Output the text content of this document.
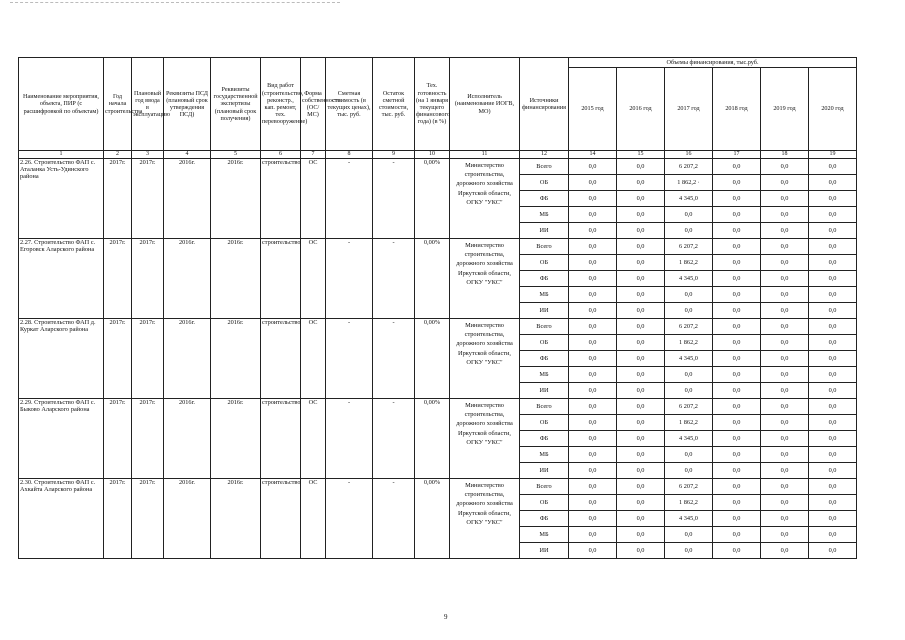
Наименование мероприятия, объекта, ПИР (с расшифровкой по объектам)	Год начала строительства	Плановый год ввода в эксплуатацию	Реквизиты ПСД (плановый срок утверждения ПСД)	Реквизиты государственной экспертизы (плановый срок получения)	Вид работ (строительство, реконстр., кап. ремонт, тех. перевооружение)	Форма собственности (ОС/МС)	Сметная стоимость (в текущих ценах), тыс. руб.	Остаток сметной стоимости, тыс. руб.	Тех. готовность (на 1 января текущего финансового года) (в %)	Исполнитель (наименование ИОГВ, МО)	Источники финансирования	Объемы финансирования, тыс.руб.					
												2015 год	2016 год	2017 год	2018 год	2019 год	2020 год
1	2	3	4	5	6	7	8	9	10	11	12	14	15	16	17	18	19
2.26. Строительство ФАП с. Аталанка Усть-Удинского района	2017г.	2017г.	2016г.	2016г.	строительство	ОС	-	-	0,00%	Министерство строительства, дорожного хозяйства Иркутской области, ОГКУ "УКС"	Всего	0,0	0,0	6 207,2	0,0	0,0	0,0
											ОБ	0,0	0,0	1 862,2 ·	0,0	0,0	0,0
											ФБ	0,0	0,0	4 345,0	0,0	0,0	0,0
											МБ	0,0	0,0	0,0	0,0	0,0	0,0
											ИИ	0,0	0,0	0,0	0,0	0,0	0,0
2.27. Строительство ФАП с. Егоровск Аларского района	2017г.	2017г.	2016г.	2016г.	строительство	ОС	-	-	0,00%	Министерство строительства, дорожного хозяйства Иркутской области, ОГКУ "УКС"	Всего	0,0	0,0	6 207,2	0,0	0,0	0,0
											ОБ	0,0	0,0	1 862,2	0,0	0,0	0,0
											ФБ	0,0	0,0	4 345,0	0,0	0,0	0,0
											МБ	0,0	0,0	0,0	0,0	0,0	0,0
											ИИ	0,0	0,0	0,0	0,0	0,0	0,0
2.28. Строительство ФАП д. Куркат Аларского района	2017г.	2017г.	2016г.	2016г.	строительство	ОС	-	-	0,00%	Министерство строительства, дорожного хозяйства Иркутской области, ОГКУ "УКС"	Всего	0,0	0,0	6 207,2	0,0	0,0	0,0
											ОБ	0,0	0,0	1 862,2	0,0	0,0	0,0
											ФБ	0,0	0,0	4 345,0	0,0	0,0	0,0
											МБ	0,0	0,0	0,0	0,0	0,0	0,0
											ИИ	0,0	0,0	0,0	0,0	0,0	0,0
2.29. Строительство ФАП с. Быково Аларского района	2017г.	2017г.	2016г.	2016г.	строительство	ОС	-	-	0,00%	Министерство строительства, дорожного хозяйства Иркутской области, ОГКУ "УКС"	Всего	0,0	0,0	6 207,2	0,0	0,0	0,0
											ОБ	0,0	0,0	1 862,2	0,0	0,0	0,0
											ФБ	0,0	0,0	4 345,0	0,0	0,0	0,0
											МБ	0,0	0,0	0,0	0,0	0,0	0,0
											ИИ	0,0	0,0	0,0	0,0	0,0	0,0
2.30. Строительство ФАП с. Ахкайта Аларского района	2017г.	2017г.	2016г.	2016г.	строительство	ОС	-	-	0,00%	Министерство строительства, дорожного хозяйства Иркутской области, ОГКУ "УКС"	Всего	0,0	0,0	6 207,2	0,0	0,0	0,0
											ОБ	0,0	0,0	1 862,2	0,0	0,0	0,0
											ФБ	0,0	0,0	4 345,0	0,0	0,0	0,0
											МБ	0,0	0,0	0,0	0,0	0,0	0,0
											ИИ	0,0	0,0	0,0	0,0	0,0	0,0
9
